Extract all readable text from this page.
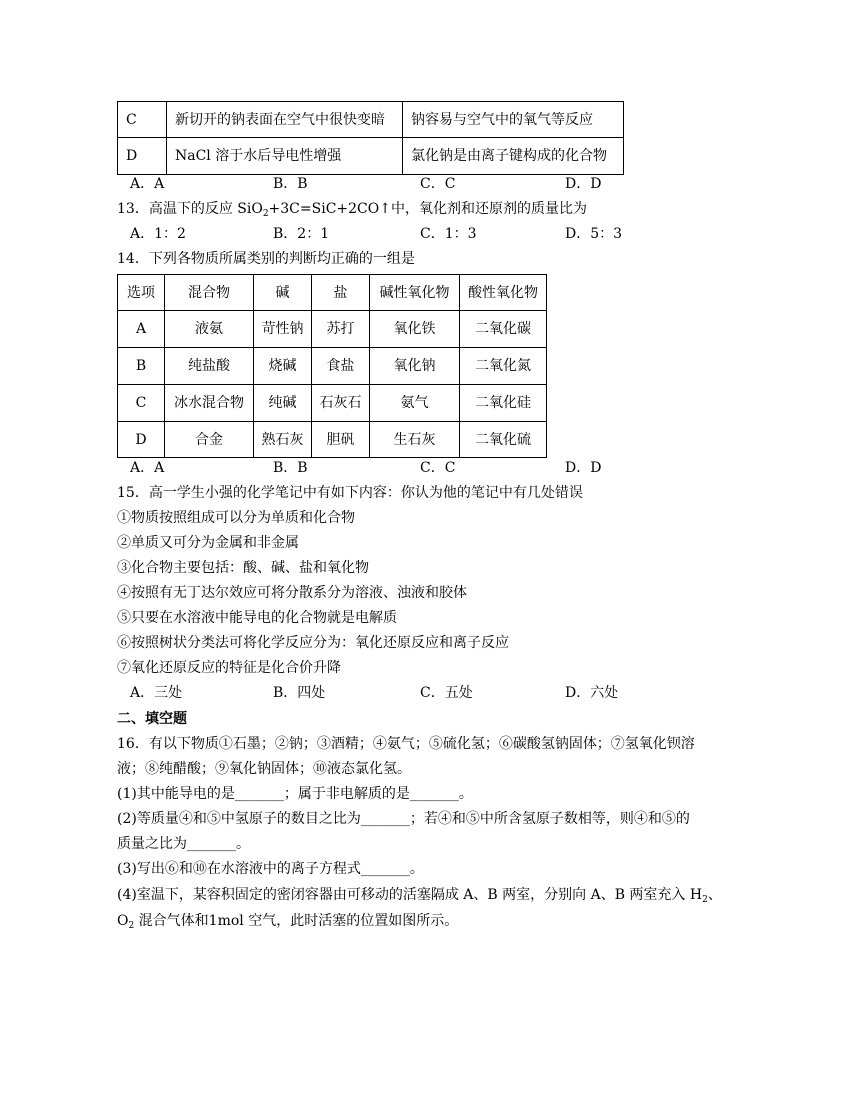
C	新切开的钠表面在空气中很快变暗	钠容易与空气中的氧气等反应
D	NaCl 溶于水后导电性增强	氯化钠是由离子键构成的化合物
A．A	B．B	C．C	D．D
13．高温下的反应 SiO$_2$+3C=SiC+2CO↑中，氧化剂和还原剂的质量比为
A．1：2	B．2：1	C．1：3	D．5：3
14．下列各物质所属类别的判断均正确的一组是
选项	混合物	碱	盐	碱性氧化物	酸性氧化物
A	液氨	苛性钠	苏打	氧化铁	二氧化碳
B	纯盐酸	烧碱	食盐	氧化钠	二氧化氮
C	冰水混合物	纯碱	石灰石	氨气	二氧化硅
D	合金	熟石灰	胆矾	生石灰	二氧化硫
A．A	B．B	C．C	D．D
15．高一学生小强的化学笔记中有如下内容：你认为他的笔记中有几处错误
①物质按照组成可以分为单质和化合物
②单质又可分为金属和非金属
③化合物主要包括：酸、碱、盐和氧化物
④按照有无丁达尔效应可将分散系分为溶液、浊液和胶体
⑤只要在水溶液中能导电的化合物就是电解质
⑥按照树状分类法可将化学反应分为：氧化还原反应和离子反应
⑦氧化还原反应的特征是化合价升降
A．三处	B．四处	C．五处	D．六处
二、填空题
16．有以下物质①石墨；②钠；③酒精；④氨气；⑤硫化氢；⑥碳酸氢钠固体；⑦氢氧化钡溶
液；⑧纯醋酸；⑨氧化钠固体；⑩液态氯化氢。
(1)其中能导电的是_______；属于非电解质的是_______。
(2)等质量④和⑤中氢原子的数目之比为_______；若④和⑤中所含氢原子数相等，则④和⑤的
质量之比为_______。
(3)写出⑥和⑩在水溶液中的离子方程式_______。
(4)室温下，某容积固定的密闭容器由可移动的活塞隔成 A、B 两室，分别向 A、B 两室充入 $H_2$、
$O_2$ 混合气体和1mol 空气，此时活塞的位置如图所示。
